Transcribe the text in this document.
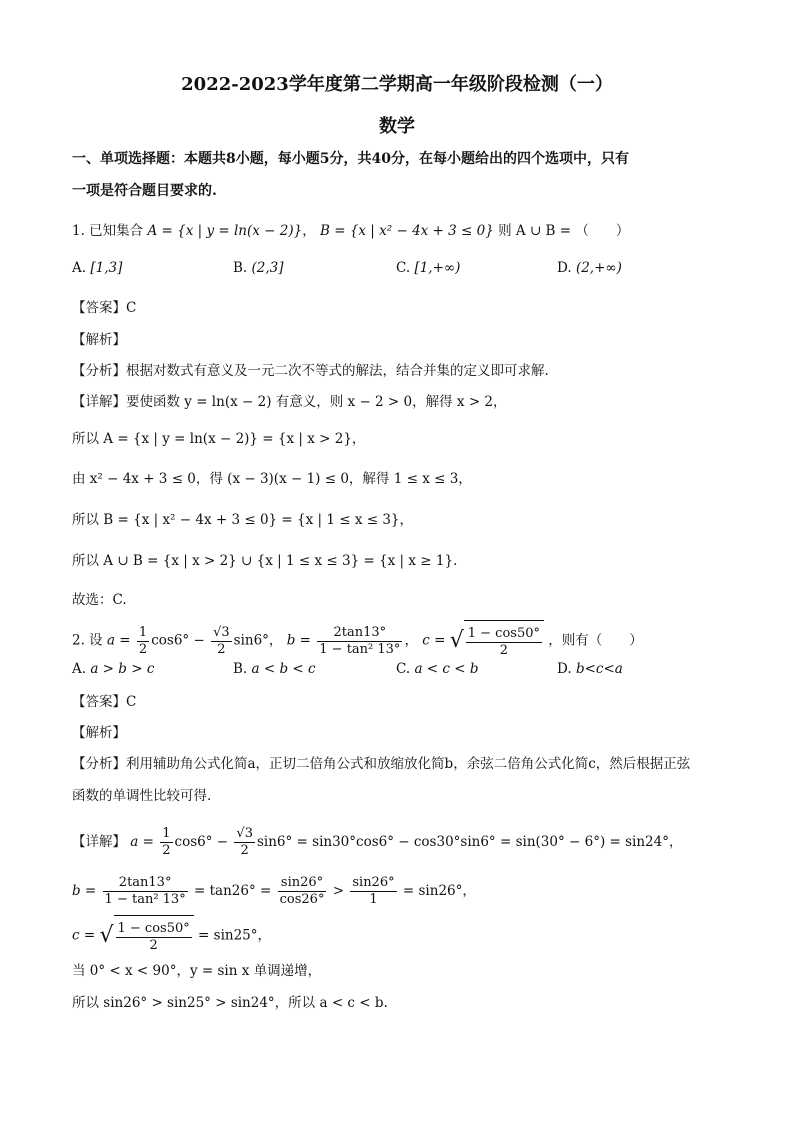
2022-2023学年度第二学期高一年级阶段检测（一）
数学
一、单项选择题：本题共8小题，每小题5分，共40分，在每小题给出的四个选项中，只有
一项是符合题目要求的.
1. 已知集合 A = {x | y = ln(x − 2)}， B = {x | x² − 4x + 3 ≤ 0} 则 A ∪ B = （　　）
A. [1,3]	B. (2,3]	C. [1,+∞)	D. (2,+∞)
【答案】C
【解析】
【分析】根据对数式有意义及一元二次不等式的解法，结合并集的定义即可求解.
【详解】要使函数 y = ln(x − 2) 有意义，则 x − 2 > 0，解得 x > 2，
所以 A = {x | y = ln(x − 2)} = {x | x > 2}，
由 x² − 4x + 3 ≤ 0，得 (x − 3)(x − 1) ≤ 0，解得 1 ≤ x ≤ 3，
所以 B = {x | x² − 4x + 3 ≤ 0} = {x | 1 ≤ x ≤ 3}，
所以 A ∪ B = {x | x > 2} ∪ {x | 1 ≤ x ≤ 3} = {x | x ≥ 1}.
故选：C.
2. 设 $a = \frac{1}{2} \cos 6^\circ - \frac{√3}{2} \sin 6^\circ$， $b = \frac{2\tan 13^\circ}{\text{1 − tan² 13°}}$ ， c = √ $\frac{1 - \cos 50^\circ}{2}$ ，则有（　　）
A. a > b > c	B. a < b < c	C. a < c < b	D. b<c<a
【答案】C
【解析】
【分析】利用辅助角公式化简a，正切二倍角公式和放缩放化简b，余弦二倍角公式化简c，然后根据正弦
函数的单调性比较可得.
【详解】 $a = \frac{1}{2} \cos 6^\circ - \frac{√3}{2} \sin 6^\circ = \sin 30^\circ\cos 6^\circ - \cos 30^\circ\sin 6^\circ = \sin(30^\circ - 6^\circ) = \sin 24^\circ$，
$b = \frac{2\tan 13^\circ}{\text{1 − tan² 13°}} = \tan 26^\circ = \frac{\sin 26^\circ}{\cos 26^\circ} > \frac{\sin 26^\circ}{1} = \sin 26^\circ$，
c = √ $\frac{1 - \cos 50^\circ}{2} = \sin 25^\circ$，
当 0° < x < 90°，y = sin x 单调递增，
所以 sin26° > sin25° > sin24°，所以 a < c < b.
